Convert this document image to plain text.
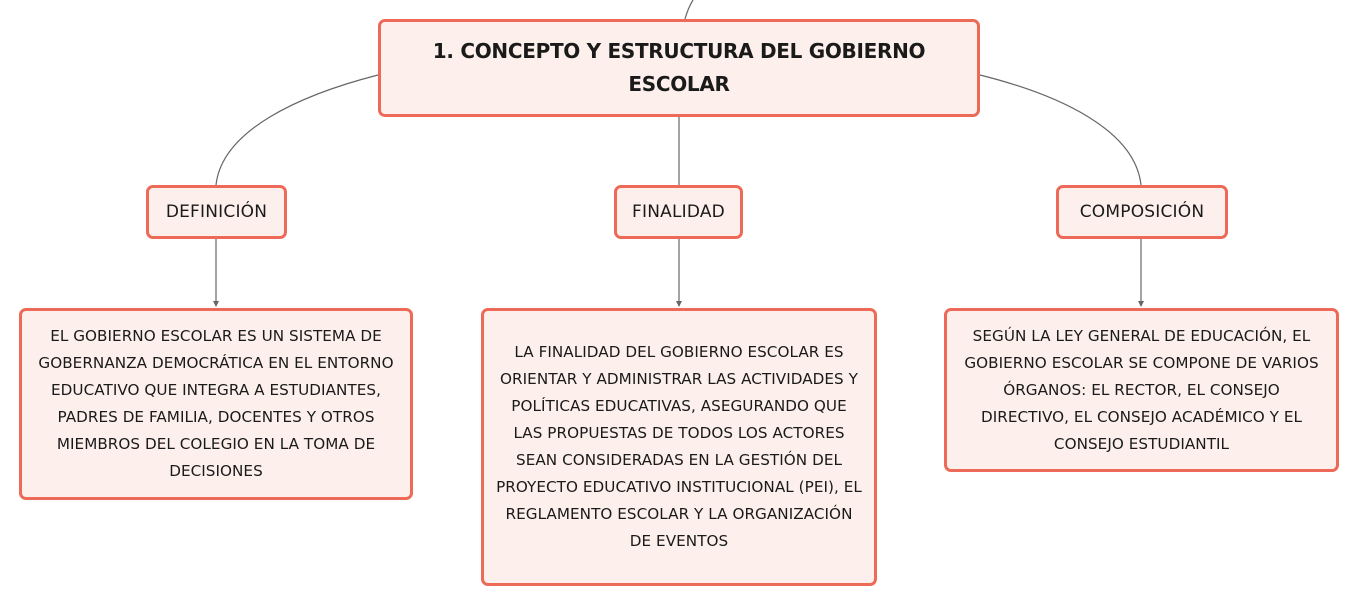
1. CONCEPTO Y ESTRUCTURA DEL GOBIERNO ESCOLAR
DEFINICIÓN	FINALIDAD	COMPOSICIÓN
EL GOBIERNO ESCOLAR ES UN SISTEMA DE GOBERNANZA DEMOCRÁTICA EN EL ENTORNO EDUCATIVO QUE INTEGRA A ESTUDIANTES, PADRES DE FAMILIA, DOCENTES Y OTROS MIEMBROS DEL COLEGIO EN LA TOMA DE DECISIONES
LA FINALIDAD DEL GOBIERNO ESCOLAR ES ORIENTAR Y ADMINISTRAR LAS ACTIVIDADES Y POLÍTICAS EDUCATIVAS, ASEGURANDO QUE LAS PROPUESTAS DE TODOS LOS ACTORES SEAN CONSIDERADAS EN LA GESTIÓN DEL PROYECTO EDUCATIVO INSTITUCIONAL (PEI), EL REGLAMENTO ESCOLAR Y LA ORGANIZACIÓN DE EVENTOS
SEGÚN LA LEY GENERAL DE EDUCACIÓN, EL GOBIERNO ESCOLAR SE COMPONE DE VARIOS ÓRGANOS: EL RECTOR, EL CONSEJO DIRECTIVO, EL CONSEJO ACADÉMICO Y EL CONSEJO ESTUDIANTIL
